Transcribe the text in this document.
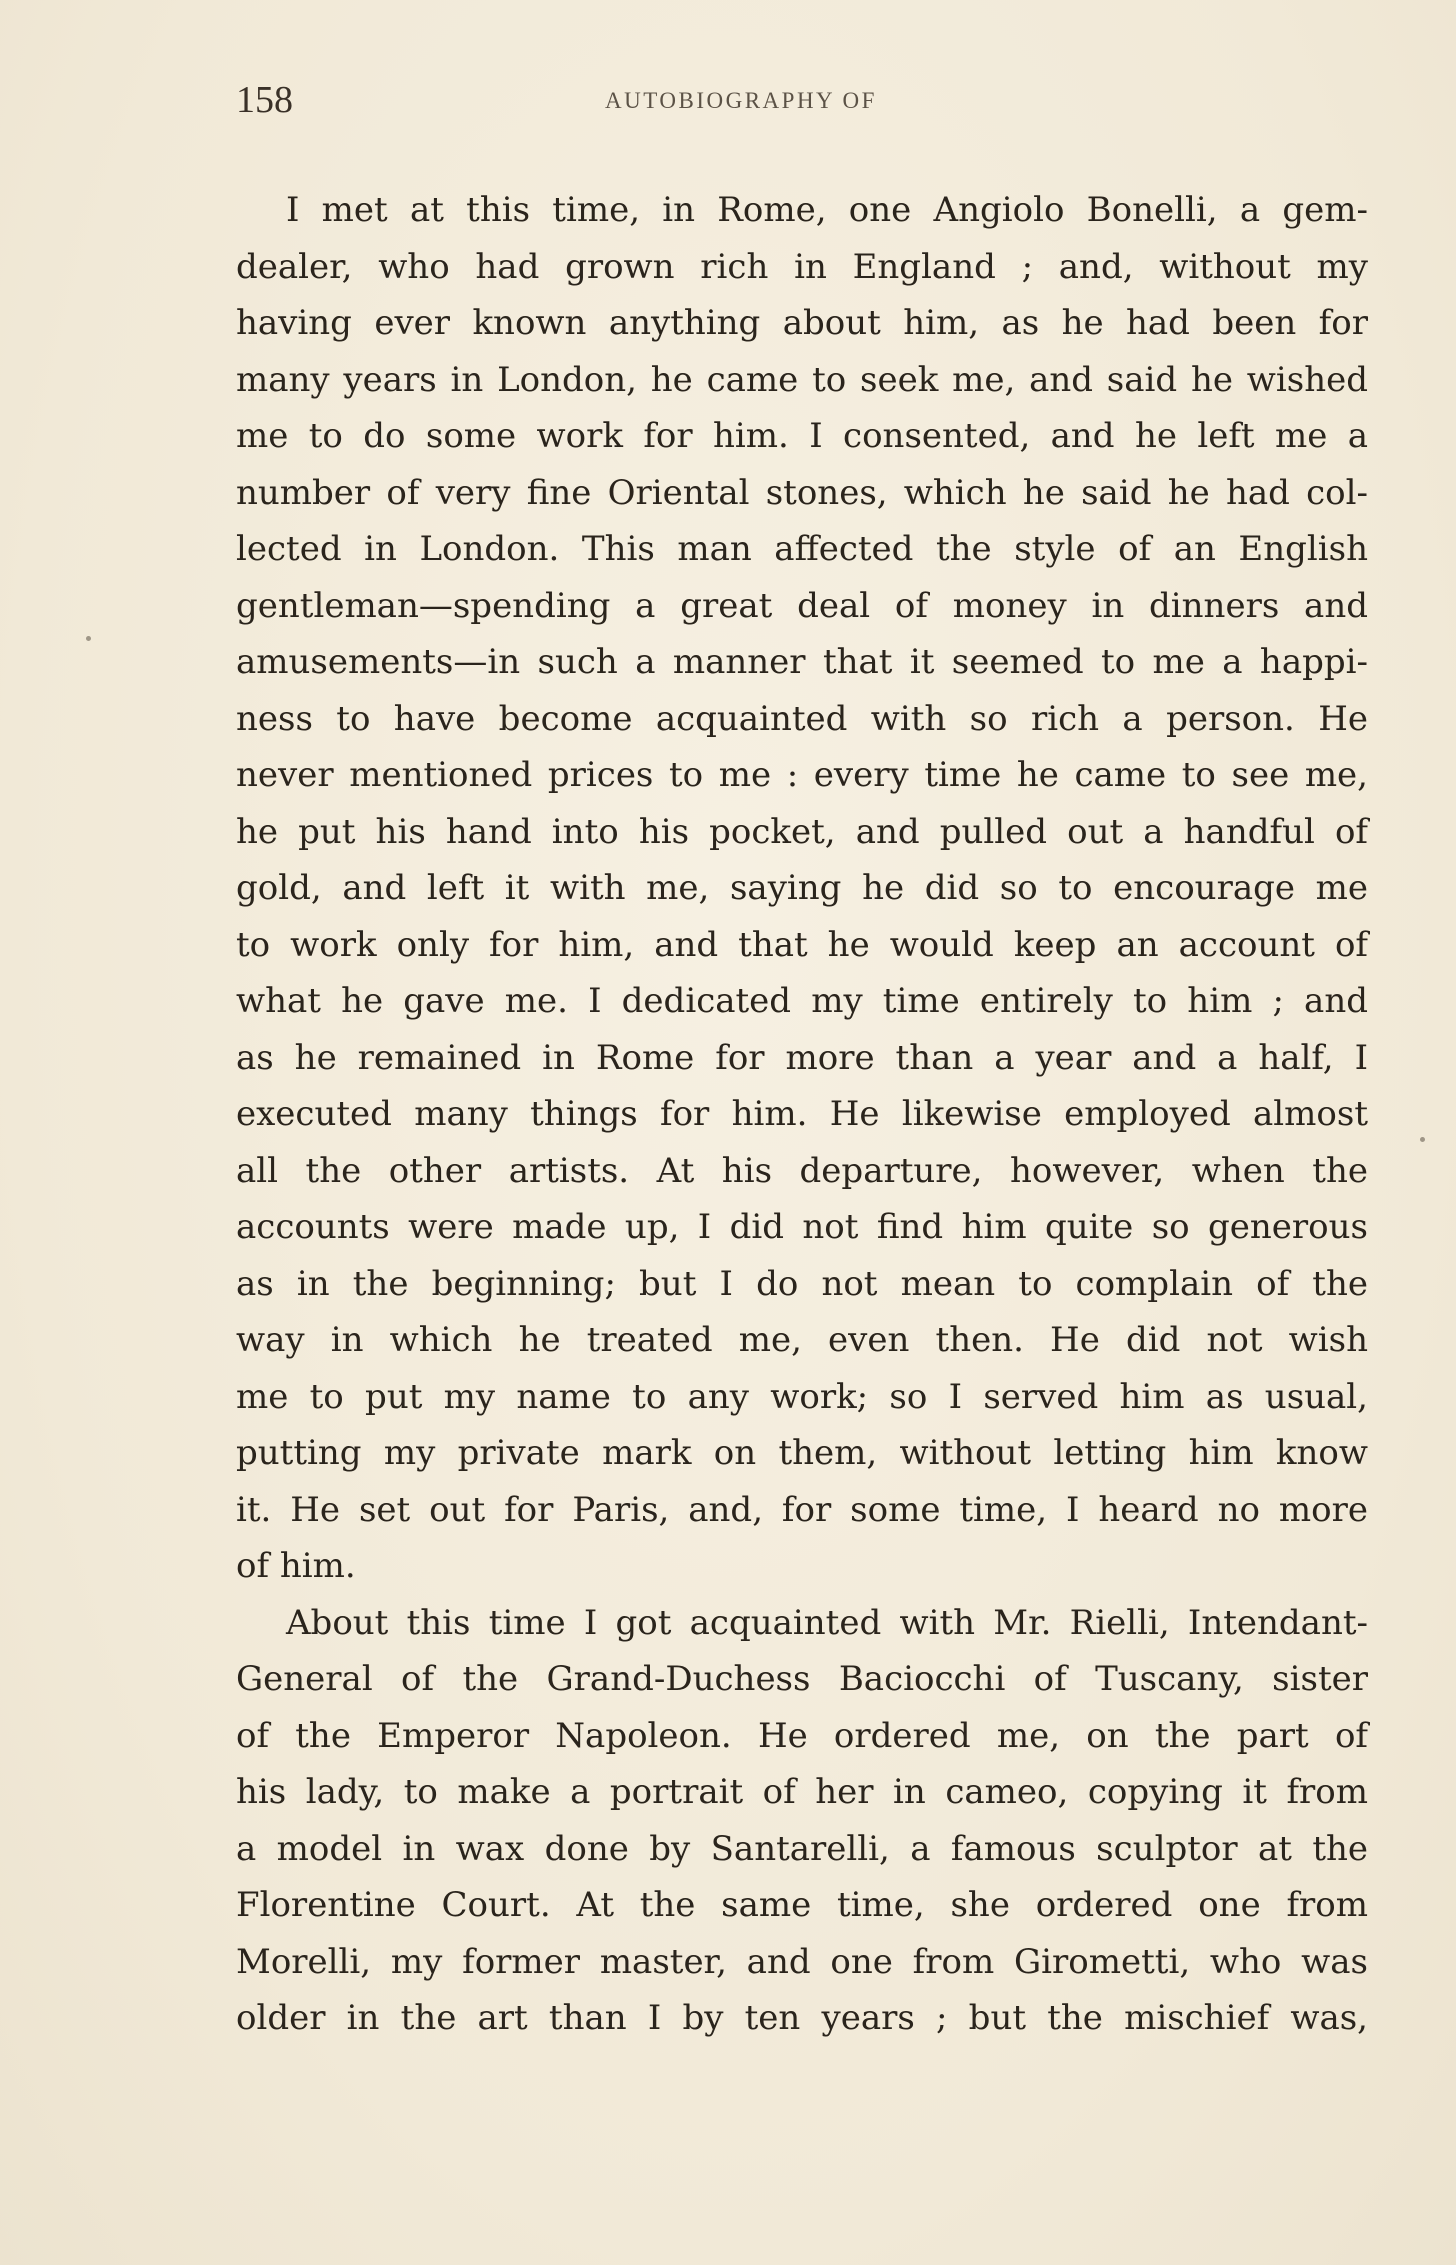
158	AUTOBIOGRAPHY OF
I met at this time, in Rome, one Angiolo Bonelli, a gem-
dealer, who had grown rich in England ; and, without my
having ever known anything about him, as he had been for
many years in London, he came to seek me, and said he wished
me to do some work for him. I consented, and he left me a
number of very fine Oriental stones, which he said he had col-
lected in London. This man affected the style of an English
gentleman—spending a great deal of money in dinners and
amusements—in such a manner that it seemed to me a happi-
ness to have become acquainted with so rich a person. He
never mentioned prices to me : every time he came to see me,
he put his hand into his pocket, and pulled out a handful of
gold, and left it with me, saying he did so to encourage me
to work only for him, and that he would keep an account of
what he gave me. I dedicated my time entirely to him ; and
as he remained in Rome for more than a year and a half, I
executed many things for him. He likewise employed almost
all the other artists. At his departure, however, when the
accounts were made up, I did not find him quite so generous
as in the beginning; but I do not mean to complain of the
way in which he treated me, even then. He did not wish
me to put my name to any work; so I served him as usual,
putting my private mark on them, without letting him know
it. He set out for Paris, and, for some time, I heard no more
of him.
About this time I got acquainted with Mr. Rielli, Intendant-
General of the Grand-Duchess Baciocchi of Tuscany, sister
of the Emperor Napoleon. He ordered me, on the part of
his lady, to make a portrait of her in cameo, copying it from
a model in wax done by Santarelli, a famous sculptor at the
Florentine Court. At the same time, she ordered one from
Morelli, my former master, and one from Girometti, who was
older in the art than I by ten years ; but the mischief was,
